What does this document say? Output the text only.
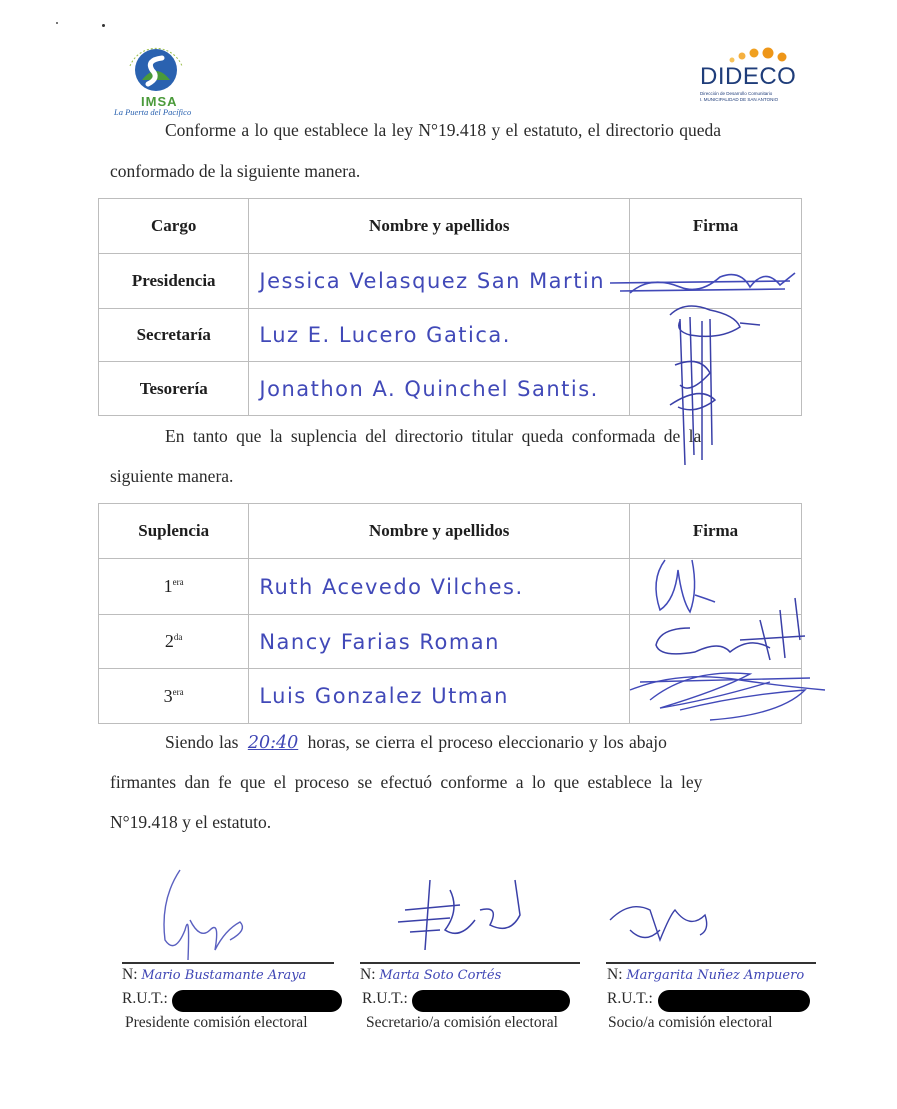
IMSA
La Puerta del Pacífico
DIDECO
Dirección de Desarrollo Comunitario
I. MUNICIPALIDAD DE SAN ANTONIO
Conforme a lo que establece la ley N°19.418 y el estatuto, el directorio queda
conformado de la siguiente manera.
Cargo	Nombre y apellidos	Firma
Presidencia	Jessica Velasquez San Martin	
Secretaría	Luz E. Lucero Gatica.	
Tesorería	Jonathon A. Quinchel Santis.	
En tanto que la suplencia del directorio titular queda conformada de la
siguiente manera.
Suplencia	Nombre y apellidos	Firma
$1^{era}$	Ruth Acevedo Vilches.	
$2^{da}$	Nancy Farias Roman	
$3^{era}$	Luis Gonzalez Utman	
Siendo las 20:40 horas, se cierra el proceso eleccionario y los abajo
firmantes dan fe que el proceso se efectuó conforme a lo que establece la ley
N°19.418 y el estatuto.
N: Mario Bustamante Araya
R.U.T.:
Presidente comisión electoral
N: Marta Soto Cortés
R.U.T.:
Secretario/a comisión electoral
N: Margarita Nuñez Ampuero
R.U.T.:
Socio/a comisión electoral
